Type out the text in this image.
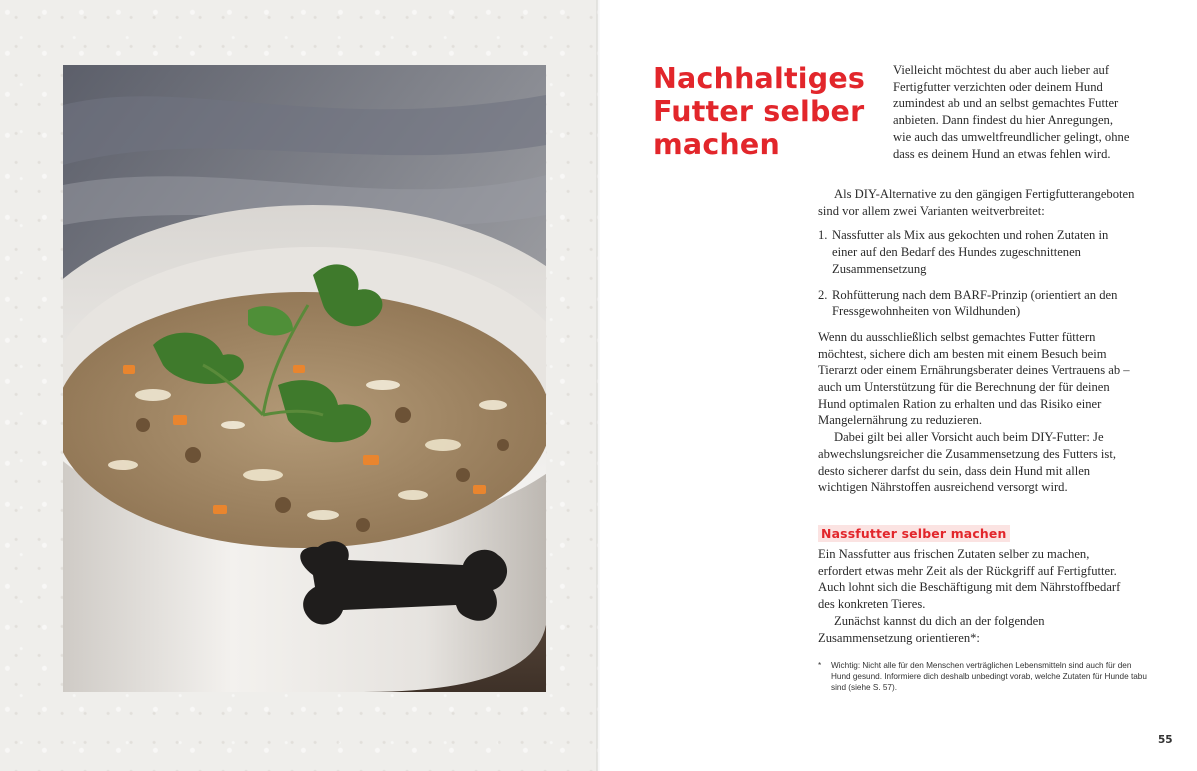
Nachhaltiges
Futter selber
machen

Vielleicht möchtest du aber auch lieber auf Fertigfutter verzichten oder deinem Hund zumindest ab und an selbst gemachtes Futter anbieten. Dann findest du hier Anregungen, wie auch das umweltfreundlicher gelingt, ohne dass es deinem Hund an etwas fehlen wird.

Als DIY-Alternative zu den gängigen Fertigfutterangeboten sind vor allem zwei Varianten weitverbreitet:

1. Nassfutter als Mix aus gekochten und rohen Zutaten in einer auf den Bedarf des Hundes zugeschnittenen Zusammensetzung
2. Rohfütterung nach dem BARF-Prinzip (orientiert an den Fressgewohnheiten von Wildhunden)

Wenn du ausschließlich selbst gemachtes Futter füttern möchtest, sichere dich am besten mit einem Besuch beim Tierarzt oder einem Ernährungsberater deines Vertrauens ab – auch um Unterstützung für die Berechnung der für deinen Hund optimalen Ration zu erhalten und das Risiko einer Mangelernährung zu reduzieren.

Dabei gilt bei aller Vorsicht auch beim DIY-Futter: Je abwechslungsreicher die Zusammensetzung des Futters ist, desto sicherer darfst du sein, dass dein Hund mit allen wichtigen Nährstoffen ausreichend versorgt wird.

Nassfutter selber machen

Ein Nassfutter aus frischen Zutaten selber zu machen, erfordert etwas mehr Zeit als der Rückgriff auf Fertigfutter. Auch lohnt sich die Beschäftigung mit dem Nährstoffbedarf des konkreten Tieres.

Zunächst kannst du dich an der folgenden Zusammensetzung orientieren*:

* Wichtig: Nicht alle für den Menschen verträglichen Lebensmitteln sind auch für den Hund gesund. Informiere dich deshalb unbedingt vorab, welche Zutaten für Hunde tabu sind (siehe S. 57).
55
